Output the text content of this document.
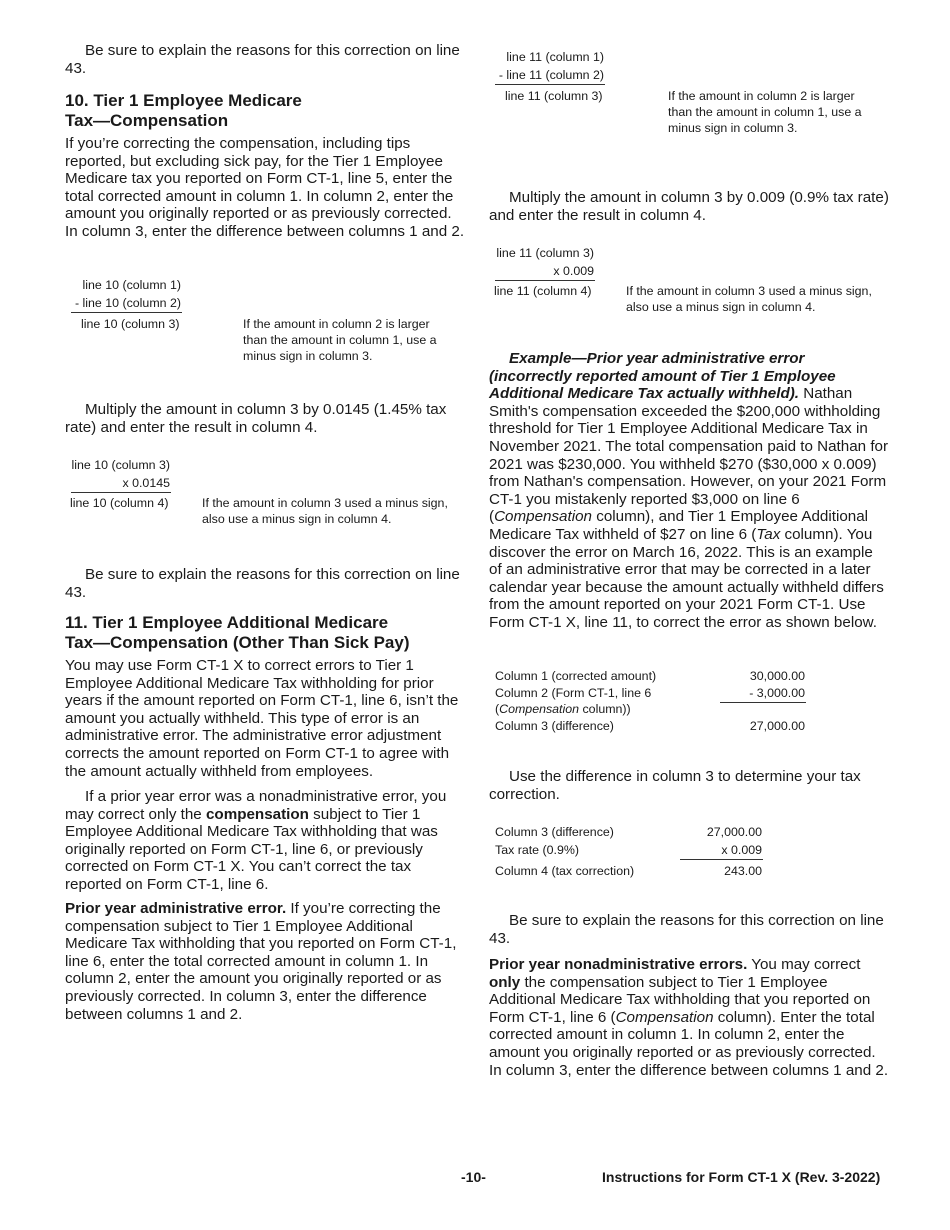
Be sure to explain the reasons for this correction on line 43.

10. Tier 1 Employee Medicare

Tax—Compensation

If you’re correcting the compensation, including tips reported, but excluding sick pay, for the Tier 1 Employee Medicare tax you reported on Form CT-1, line 5, enter the total corrected amount in column 1. In column 2, enter the amount you originally reported or as previously corrected. In column 3, enter the difference between columns 1 and 2.

line 10 (column 1)
- line 10 (column 2)
line 10 (column 3)	If the amount in column 2 is larger than the amount in column 1, use a minus sign in column 3.

Multiply the amount in column 3 by 0.0145 (1.45% tax rate) and enter the result in column 4.

line 10 (column 3)
x 0.0145
line 10 (column 4)	If the amount in column 3 used a minus sign, also use a minus sign in column 4.

Be sure to explain the reasons for this correction on line 43.

11. Tier 1 Employee Additional Medicare

Tax—Compensation (Other Than Sick Pay)

You may use Form CT-1 X to correct errors to Tier 1 Employee Additional Medicare Tax withholding for prior years if the amount reported on Form CT-1, line 6, isn’t the amount you actually withheld. This type of error is an administrative error. The administrative error adjustment corrects the amount reported on Form CT-1 to agree with the amount actually withheld from employees.

If a prior year error was a nonadministrative error, you may correct only the compensation subject to Tier 1 Employee Additional Medicare Tax withholding that was originally reported on Form CT-1, line 6, or previously corrected on Form CT-1 X. You can’t correct the tax reported on Form CT-1, line 6.

Prior year administrative error. If you’re correcting the compensation subject to Tier 1 Employee Additional Medicare Tax withholding that you reported on Form CT-1, line 6, enter the total corrected amount in column 1. In column 2, enter the amount you originally reported or as previously corrected. In column 3, enter the difference between columns 1 and 2.

line 11 (column 1)
- line 11 (column 2)
line 11 (column 3)	If the amount in column 2 is larger than the amount in column 1, use a minus sign in column 3.

Multiply the amount in column 3 by 0.009 (0.9% tax rate) and enter the result in column 4.

line 11 (column 3)
x 0.009
line 11 (column 4)	If the amount in column 3 used a minus sign, also use a minus sign in column 4.

Example—Prior year administrative error (incorrectly reported amount of Tier 1 Employee Additional Medicare Tax actually withheld). Nathan Smith's compensation exceeded the $200,000 withholding threshold for Tier 1 Employee Additional Medicare Tax in November 2021. The total compensation paid to Nathan for 2021 was $230,000. You withheld $270 ($30,000 x 0.009) from Nathan's compensation. However, on your 2021 Form CT-1 you mistakenly reported $3,000 on line 6 (Compensation column), and Tier 1 Employee Additional Medicare Tax withheld of $27 on line 6 (Tax column). You discover the error on March 16, 2022. This is an example of an administrative error that may be corrected in a later calendar year because the amount actually withheld differs from the amount reported on your 2021 Form CT-1. Use Form CT-1 X, line 11, to correct the error as shown below.

Column 1 (corrected amount)	30,000.00
Column 2 (Form CT-1, line 6	- 3,000.00
(Compensation column))
Column 3 (difference)	27,000.00

Use the difference in column 3 to determine your tax correction.

Column 3 (difference)	27,000.00
Tax rate (0.9%)	x 0.009
Column 4 (tax correction)	243.00

Be sure to explain the reasons for this correction on line 43.

Prior year nonadministrative errors. You may correct only the compensation subject to Tier 1 Employee Additional Medicare Tax withholding that you reported on Form CT-1, line 6 (Compensation column). Enter the total corrected amount in column 1. In column 2, enter the amount you originally reported or as previously corrected. In column 3, enter the difference between columns 1 and 2.

-10-	Instructions for Form CT-1 X (Rev. 3-2022)
